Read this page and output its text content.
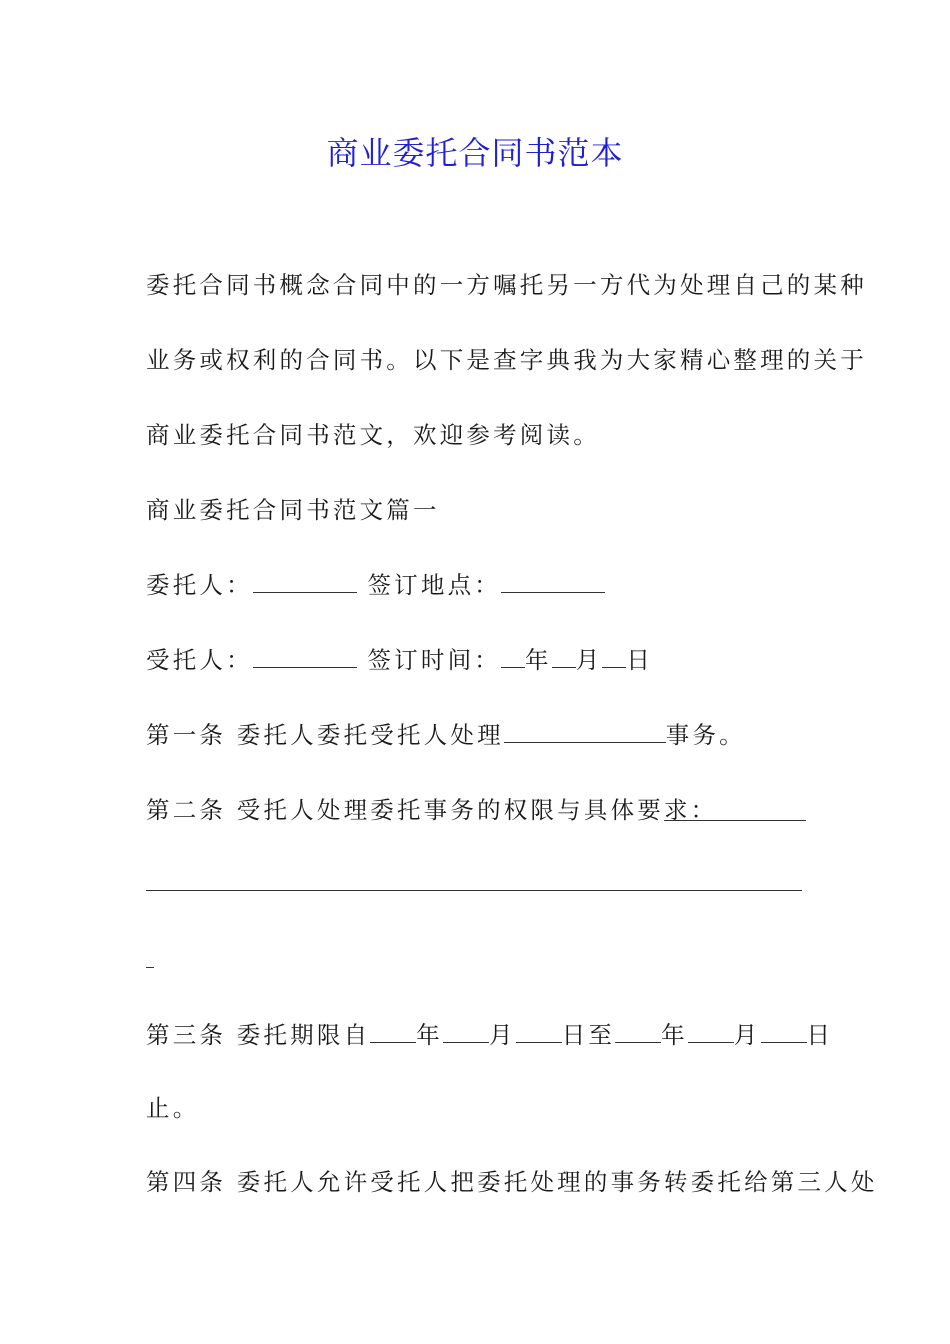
商业委托合同书范本
委托合同书概念合同中的一方嘱托另一方代为处理自己的某种
业务或权利的合同书。以下是查字典我为大家精心整理的关于
商业委托合同书范文，欢迎参考阅读。
商业委托合同书范文篇一
委托人：	签订地点：
受托人：	签订时间： 年 月 日
第一条 委托人委托受托人处理	事务。
第二条 受托人处理委托事务的权限与具体要求：
第三条 委托期限自 年 月 日至 年 月 日
止。
第四条 委托人允许受托人把委托处理的事务转委托给第三人处
